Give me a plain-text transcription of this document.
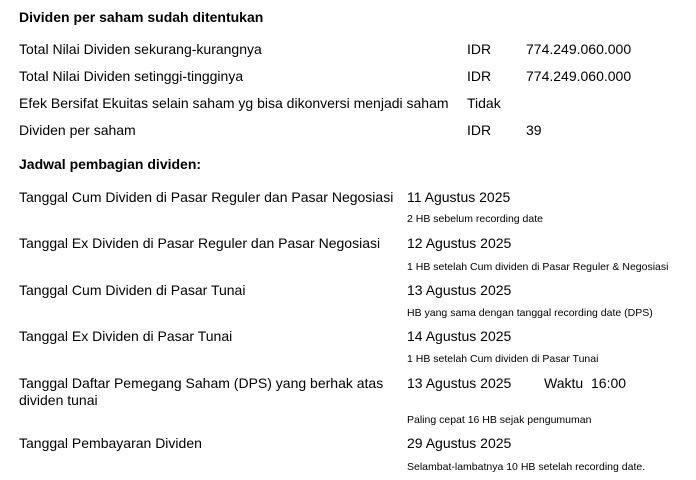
Dividen per saham sudah ditentukan
Total Nilai Dividen sekurang-kurangnya	IDR 774.249.060.000
Total Nilai Dividen setinggi-tingginya	IDR 774.249.060.000
Efek Bersifat Ekuitas selain saham yg bisa dikonversi menjadi saham Tidak
Dividen per saham	IDR 39
Jadwal pembagian dividen:
Tanggal Cum Dividen di Pasar Reguler dan Pasar Negosiasi 11 Agustus 2025
2 HB sebelum recording date
Tanggal Ex Dividen di Pasar Reguler dan Pasar Negosiasi 12 Agustus 2025
1 HB setelah Cum dividen di Pasar Reguler & Negosiasi
Tanggal Cum Dividen di Pasar Tunai	13 Agustus 2025
HB yang sama dengan tanggal recording date (DPS)
Tanggal Ex Dividen di Pasar Tunai	14 Agustus 2025
1 HB setelah Cum dividen di Pasar Tunai
Tanggal Daftar Pemegang Saham (DPS) yang berhak atas dividen tunai
13 Agustus 2025 Waktu 16:00
Paling cepat 16 HB sejak pengumuman
Tanggal Pembayaran Dividen	29 Agustus 2025
Selambat-lambatnya 10 HB setelah recording date.
